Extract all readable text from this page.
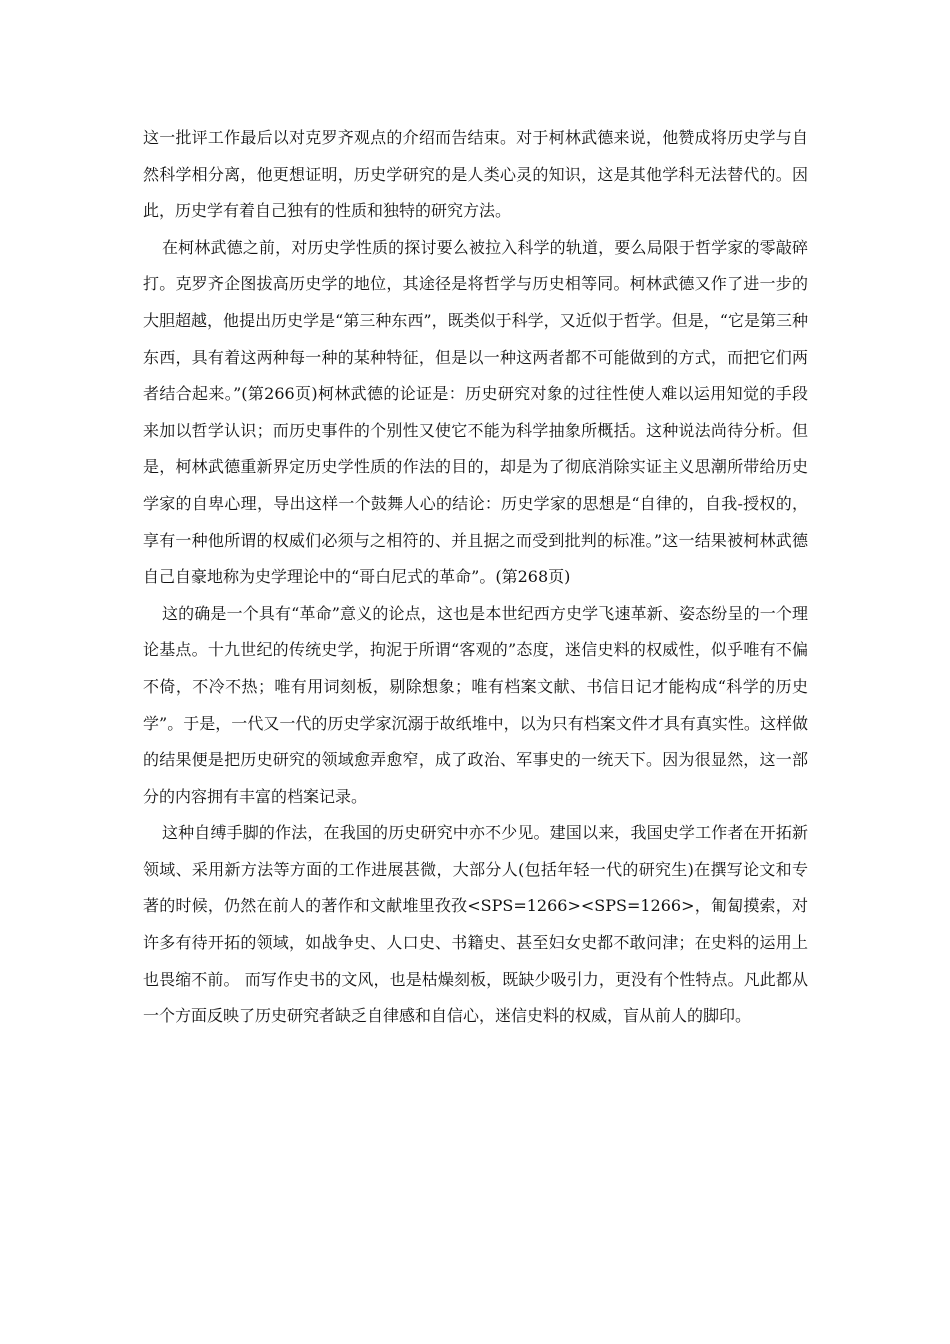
这一批评工作最后以对克罗齐观点的介绍而告结束。对于柯林武德来说，他赞成将历史学与自然科学相分离，他更想证明，历史学研究的是人类心灵的知识，这是其他学科无法替代的。因此，历史学有着自己独有的性质和独特的研究方法。

在柯林武德之前，对历史学性质的探讨要么被拉入科学的轨道，要么局限于哲学家的零敲碎打。克罗齐企图拔高历史学的地位，其途径是将哲学与历史相等同。柯林武德又作了进一步的大胆超越，他提出历史学是“第三种东西”，既类似于科学，又近似于哲学。但是，“它是第三种东西，具有着这两种每一种的某种特征，但是以一种这两者都不可能做到的方式，而把它们两者结合起来。”(第266页)柯林武德的论证是：历史研究对象的过往性使人难以运用知觉的手段来加以哲学认识；而历史事件的个别性又使它不能为科学抽象所概括。这种说法尚待分析。但是，柯林武德重新界定历史学性质的作法的目的，却是为了彻底消除实证主义思潮所带给历史学家的自卑心理，导出这样一个鼓舞人心的结论：历史学家的思想是“自律的，自我-授权的，享有一种他所谓的权威们必须与之相符的、并且据之而受到批判的标准。”这一结果被柯林武德自己自豪地称为史学理论中的“哥白尼式的革命”。(第268页)

这的确是一个具有“革命”意义的论点，这也是本世纪西方史学飞速革新、姿态纷呈的一个理论基点。十九世纪的传统史学，拘泥于所谓“客观的”态度，迷信史料的权威性，似乎唯有不偏不倚，不冷不热；唯有用词刻板，剔除想象；唯有档案文献、书信日记才能构成“科学的历史学”。于是，一代又一代的历史学家沉溺于故纸堆中，以为只有档案文件才具有真实性。这样做的结果便是把历史研究的领域愈弄愈窄，成了政治、军事史的一统天下。因为很显然，这一部分的内容拥有丰富的档案记录。

这种自缚手脚的作法，在我国的历史研究中亦不少见。建国以来，我国史学工作者在开拓新领域、采用新方法等方面的工作进展甚微，大部分人(包括年轻一代的研究生)在撰写论文和专著的时候，仍然在前人的著作和文献堆里孜孜<SPS=1266><SPS=1266>，匍匐摸索，对许多有待开拓的领域，如战争史、人口史、书籍史、甚至妇女史都不敢问津；在史料的运用上也畏缩不前。 而写作史书的文风，也是枯燥刻板，既缺少吸引力，更没有个性特点。凡此都从一个方面反映了历史研究者缺乏自律感和自信心，迷信史料的权威，盲从前人的脚印。
